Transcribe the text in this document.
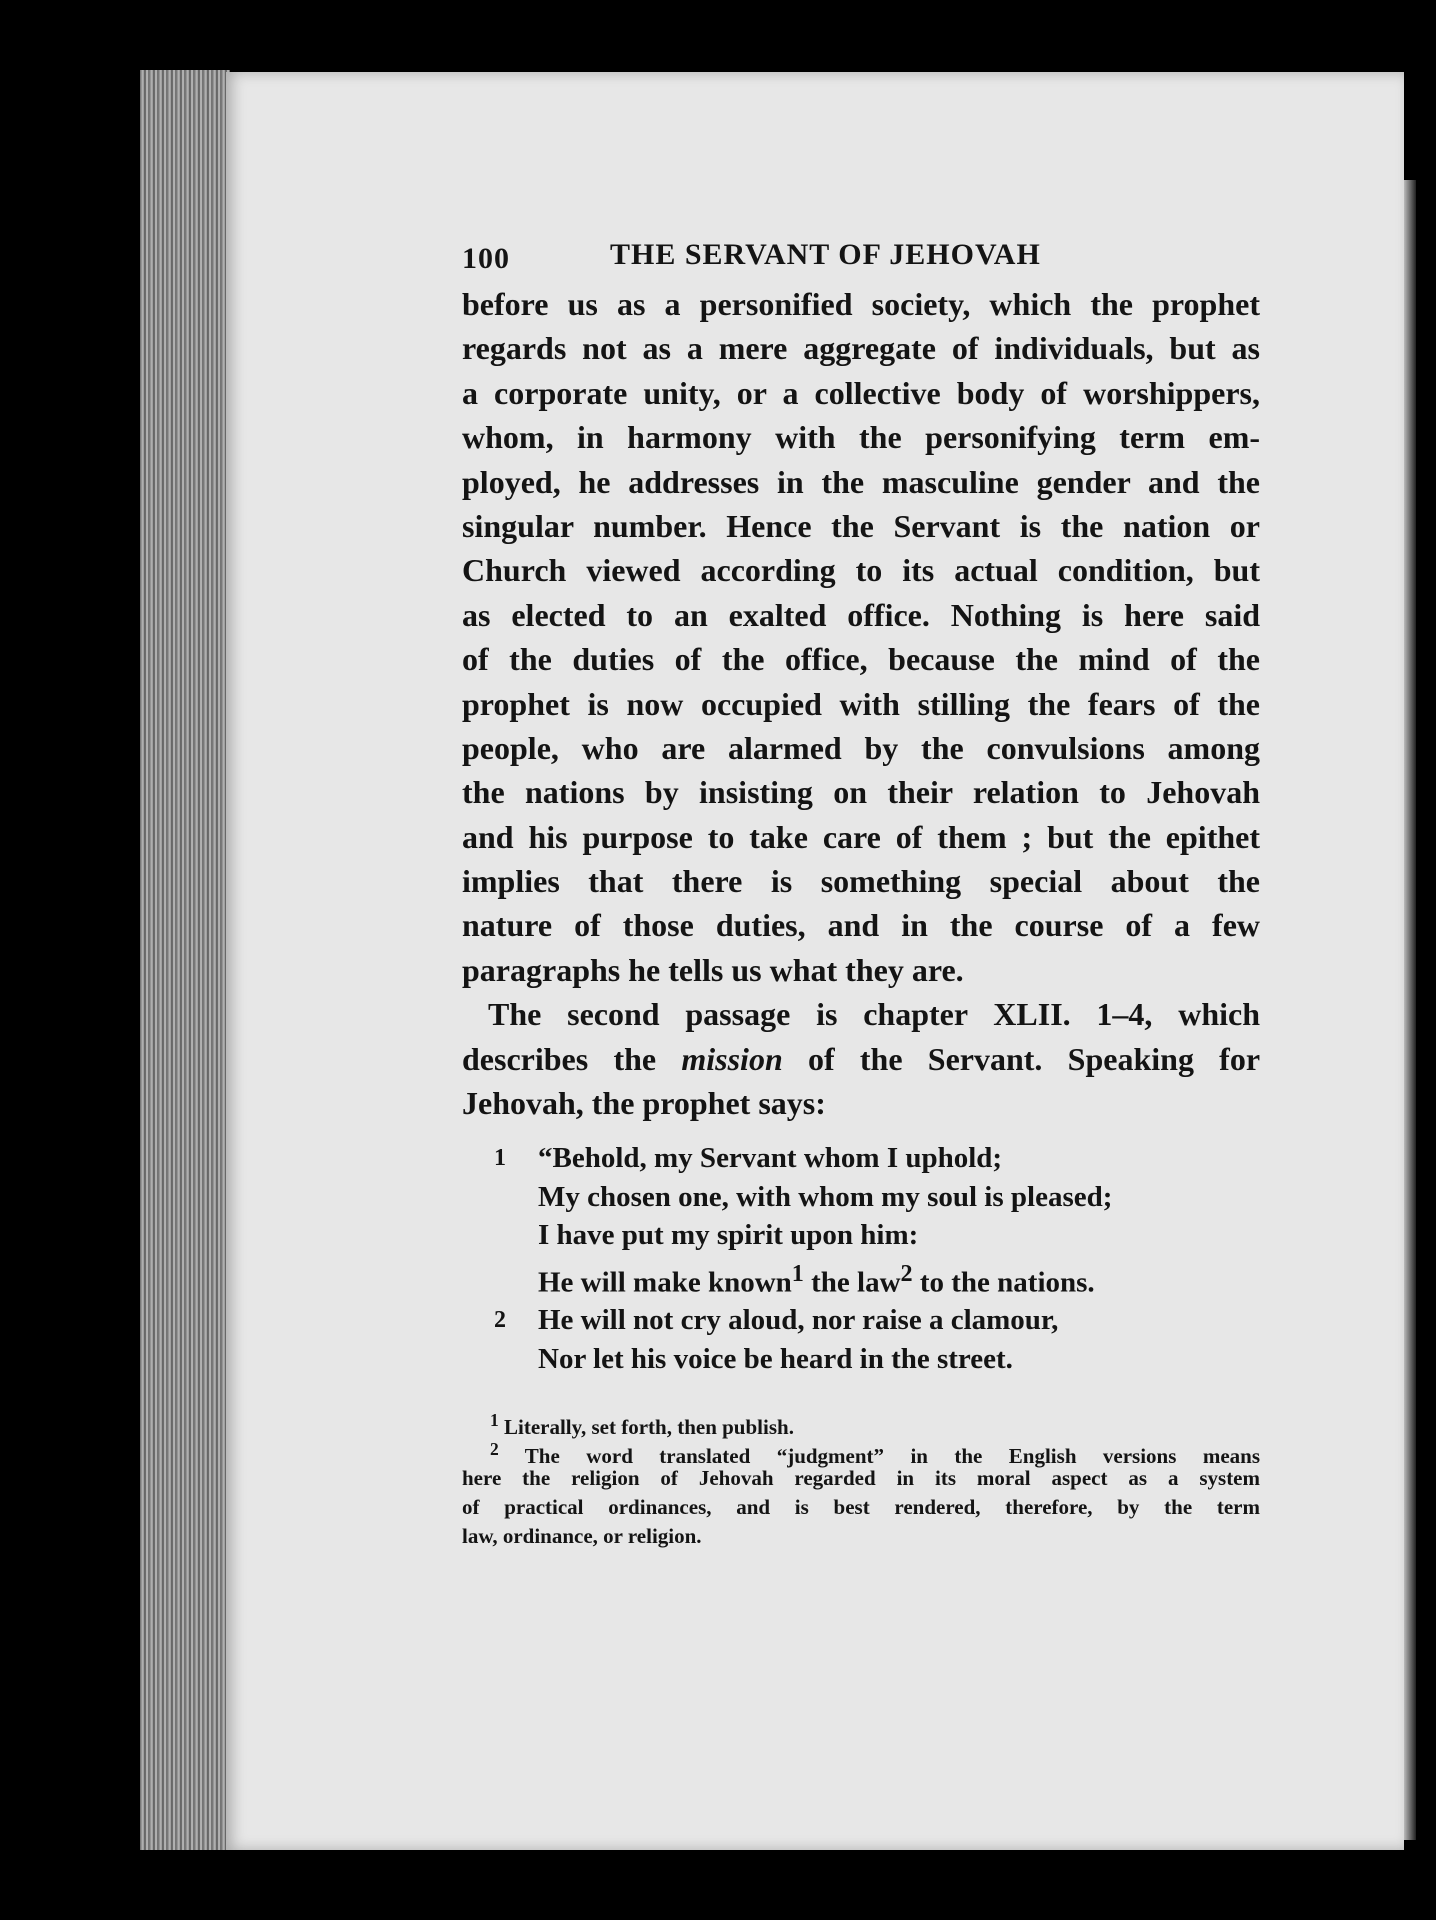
100	THE SERVANT OF JEHOVAH
before us as a personified society, which the prophet
regards not as a mere aggregate of individuals, but as
a corporate unity, or a collective body of worshippers,
whom, in harmony with the personifying term em-
ployed, he addresses in the masculine gender and the
singular number. Hence the Servant is the nation or
Church viewed according to its actual condition, but
as elected to an exalted office. Nothing is here said
of the duties of the office, because the mind of the
prophet is now occupied with stilling the fears of the
people, who are alarmed by the convulsions among
the nations by insisting on their relation to Jehovah
and his purpose to take care of them ; but the epithet
implies that there is something special about the
nature of those duties, and in the course of a few
paragraphs he tells us what they are.
The second passage is chapter XLII. 1–4, which
describes the mission of the Servant. Speaking for
Jehovah, the prophet says:
1 “Behold, my Servant whom I uphold;
My chosen one, with whom my soul is pleased;
I have put my spirit upon him:
He will make known$^1$ the law$^2$ to the nations.
2 He will not cry aloud, nor raise a clamour,
Nor let his voice be heard in the street.
$^1$ Literally, set forth, then publish.
$^2$ The word translated “judgment” in the English versions means
here the religion of Jehovah regarded in its moral aspect as a system
of practical ordinances, and is best rendered, therefore, by the term
law, ordinance, or religion.
